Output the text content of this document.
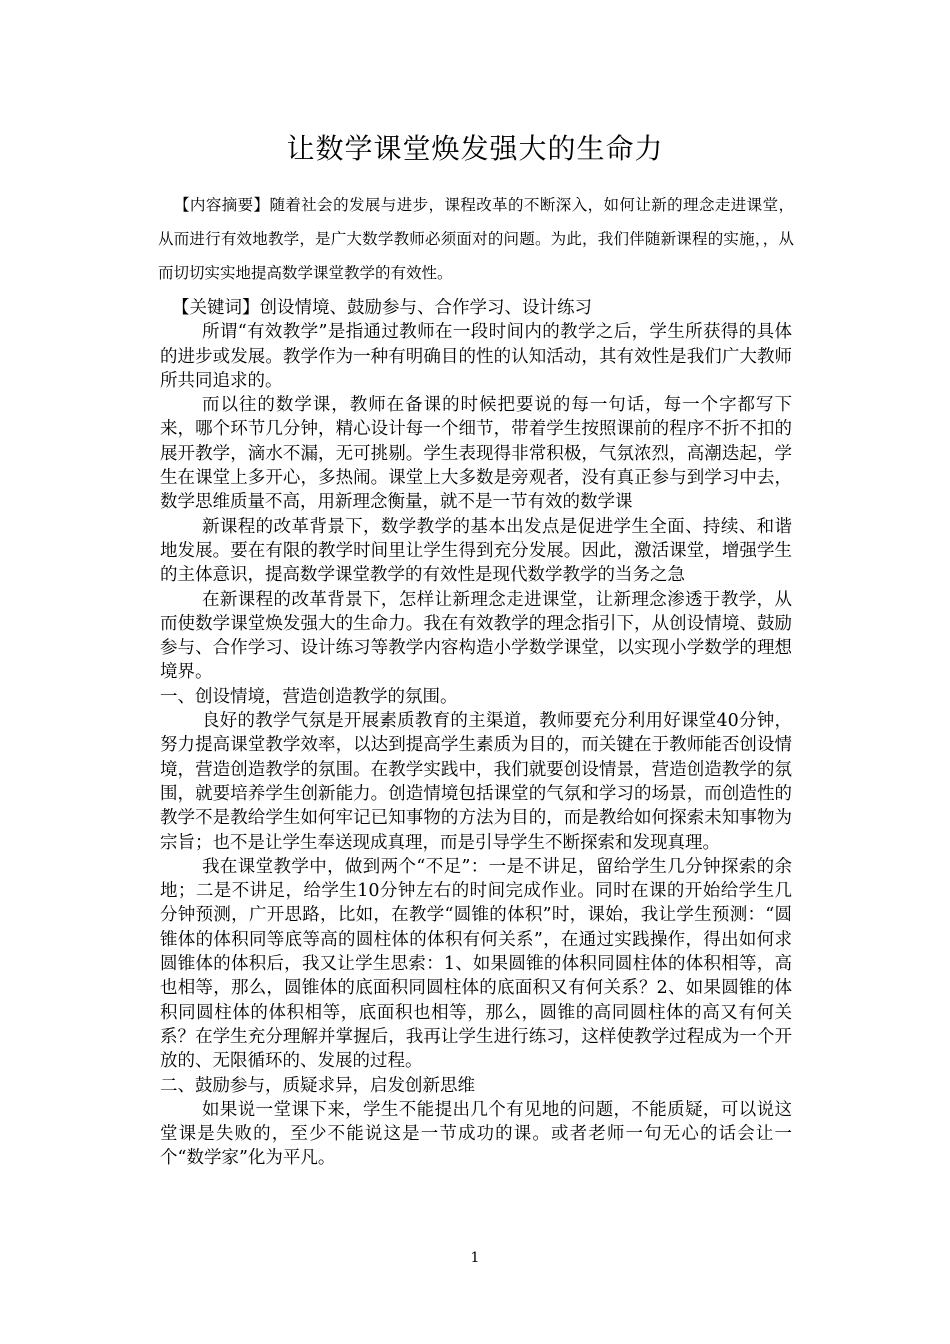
让数学课堂焕发强大的生命力

【内容摘要】随着社会的发展与进步，课程改革的不断深入，如何让新的理念走进课堂，从而进行有效地教学，是广大数学教师必须面对的问题。为此，我们伴随新课程的实施，，从而切切实实地提高数学课堂教学的有效性。

【关键词】创设情境、鼓励参与、合作学习、设计练习

所谓“有效教学”是指通过教师在一段时间内的教学之后，学生所获得的具体的进步或发展。教学作为一种有明确目的性的认知活动，其有效性是我们广大教师所共同追求的。

而以往的数学课，教师在备课的时候把要说的每一句话，每一个字都写下来，哪个环节几分钟，精心设计每一个细节，带着学生按照课前的程序不折不扣的展开教学，滴水不漏，无可挑剔。学生表现得非常积极，气氛浓烈，高潮迭起，学生在课堂上多开心，多热闹。课堂上大多数是旁观者，没有真正参与到学习中去，数学思维质量不高，用新理念衡量，就不是一节有效的数学课

新课程的改革背景下，数学教学的基本出发点是促进学生全面、持续、和谐地发展。要在有限的教学时间里让学生得到充分发展。因此，激活课堂，增强学生的主体意识，提高数学课堂教学的有效性是现代数学教学的当务之急

在新课程的改革背景下，怎样让新理念走进课堂，让新理念渗透于教学，从而使数学课堂焕发强大的生命力。我在有效教学的理念指引下，从创设情境、鼓励参与、合作学习、设计练习等教学内容构造小学数学课堂，以实现小学数学的理想境界。

一、创设情境，营造创造教学的氛围。

良好的教学气氛是开展素质教育的主渠道，教师要充分利用好课堂40分钟，努力提高课堂教学效率，以达到提高学生素质为目的，而关键在于教师能否创设情境，营造创造教学的氛围。在教学实践中，我们就要创设情景，营造创造教学的氛围，就要培养学生创新能力。创造情境包括课堂的气氛和学习的场景，而创造性的教学不是教给学生如何牢记已知事物的方法为目的，而是教给如何探索未知事物为宗旨；也不是让学生奉送现成真理，而是引导学生不断探索和发现真理。

我在课堂教学中，做到两个“不足”：一是不讲足，留给学生几分钟探索的余地；二是不讲足，给学生10分钟左右的时间完成作业。同时在课的开始给学生几分钟预测，广开思路，比如，在教学“圆锥的体积”时，课始，我让学生预测：“圆锥体的体积同等底等高的圆柱体的体积有何关系”，在通过实践操作，得出如何求圆锥体的体积后，我又让学生思索：1、如果圆锥的体积同圆柱体的体积相等，高也相等，那么，圆锥体的底面积同圆柱体的底面积又有何关系？2、如果圆锥的体积同圆柱体的体积相等，底面积也相等，那么，圆锥的高同圆柱体的高又有何关系？在学生充分理解并掌握后，我再让学生进行练习，这样使教学过程成为一个开放的、无限循环的、发展的过程。

二、鼓励参与，质疑求异，启发创新思维

如果说一堂课下来，学生不能提出几个有见地的问题，不能质疑，可以说这堂课是失败的，至少不能说这是一节成功的课。或者老师一句无心的话会让一个“数学家”化为平凡。

1
